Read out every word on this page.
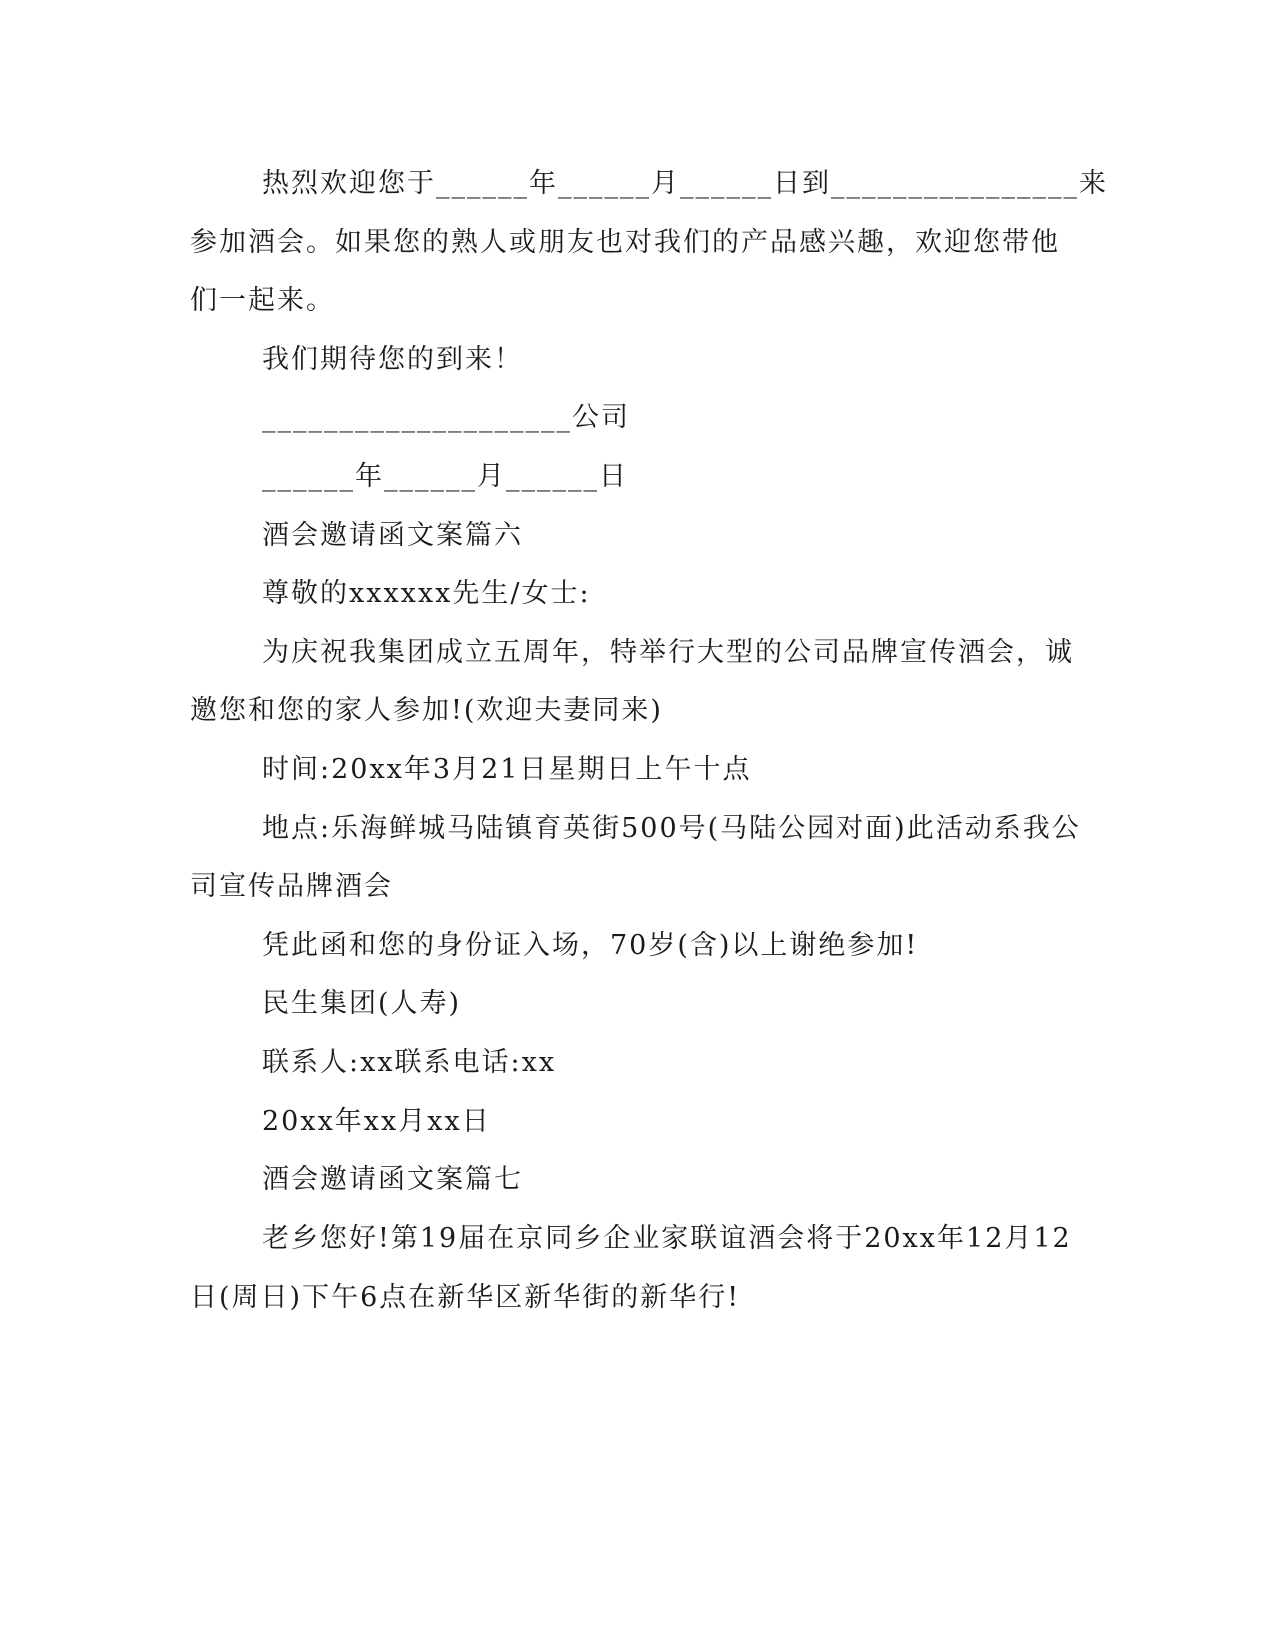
热烈欢迎您于______年______月______日到________________来
参加酒会。如果您的熟人或朋友也对我们的产品感兴趣，欢迎您带他
们一起来。
我们期待您的到来！
____________________公司
______年______月______日
酒会邀请函文案篇六
尊敬的xxxxxx先生/女士:
为庆祝我集团成立五周年，特举行大型的公司品牌宣传酒会，诚
邀您和您的家人参加!(欢迎夫妻同来)
时间:20xx年3月21日星期日上午十点
地点:乐海鲜城马陆镇育英街500号(马陆公园对面)此活动系我公
司宣传品牌酒会
凭此函和您的身份证入场，70岁(含)以上谢绝参加!
民生集团(人寿)
联系人:xx联系电话:xx
20xx年xx月xx日
酒会邀请函文案篇七
老乡您好!第19届在京同乡企业家联谊酒会将于20xx年12月12
日(周日)下午6点在新华区新华街的新华行!
